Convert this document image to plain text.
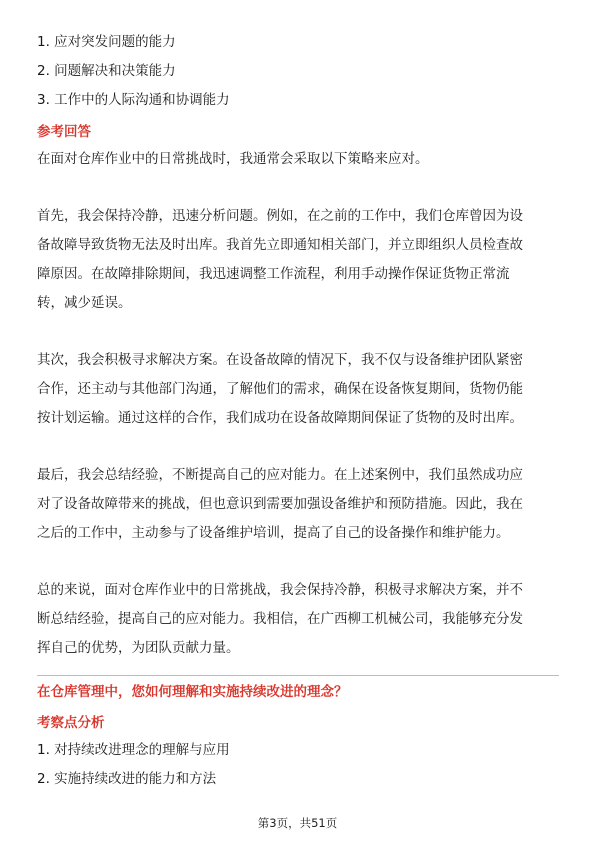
1. 应对突发问题的能力
2. 问题解决和决策能力
3. 工作中的人际沟通和协调能力
参考回答
在面对仓库作业中的日常挑战时，我通常会采取以下策略来应对。
首先，我会保持冷静，迅速分析问题。例如，在之前的工作中，我们仓库曾因为设
备故障导致货物无法及时出库。我首先立即通知相关部门，并立即组织人员检查故
障原因。在故障排除期间，我迅速调整工作流程，利用手动操作保证货物正常流
转，减少延误。
其次，我会积极寻求解决方案。在设备故障的情况下，我不仅与设备维护团队紧密
合作，还主动与其他部门沟通，了解他们的需求，确保在设备恢复期间，货物仍能
按计划运输。通过这样的合作，我们成功在设备故障期间保证了货物的及时出库。
最后，我会总结经验，不断提高自己的应对能力。在上述案例中，我们虽然成功应
对了设备故障带来的挑战，但也意识到需要加强设备维护和预防措施。因此，我在
之后的工作中，主动参与了设备维护培训，提高了自己的设备操作和维护能力。
总的来说，面对仓库作业中的日常挑战，我会保持冷静，积极寻求解决方案，并不
断总结经验，提高自己的应对能力。我相信，在广西柳工机械公司，我能够充分发
挥自己的优势，为团队贡献力量。
在仓库管理中，您如何理解和实施持续改进的理念？
考察点分析
1. 对持续改进理念的理解与应用
2. 实施持续改进的能力和方法
第3页，共51页
